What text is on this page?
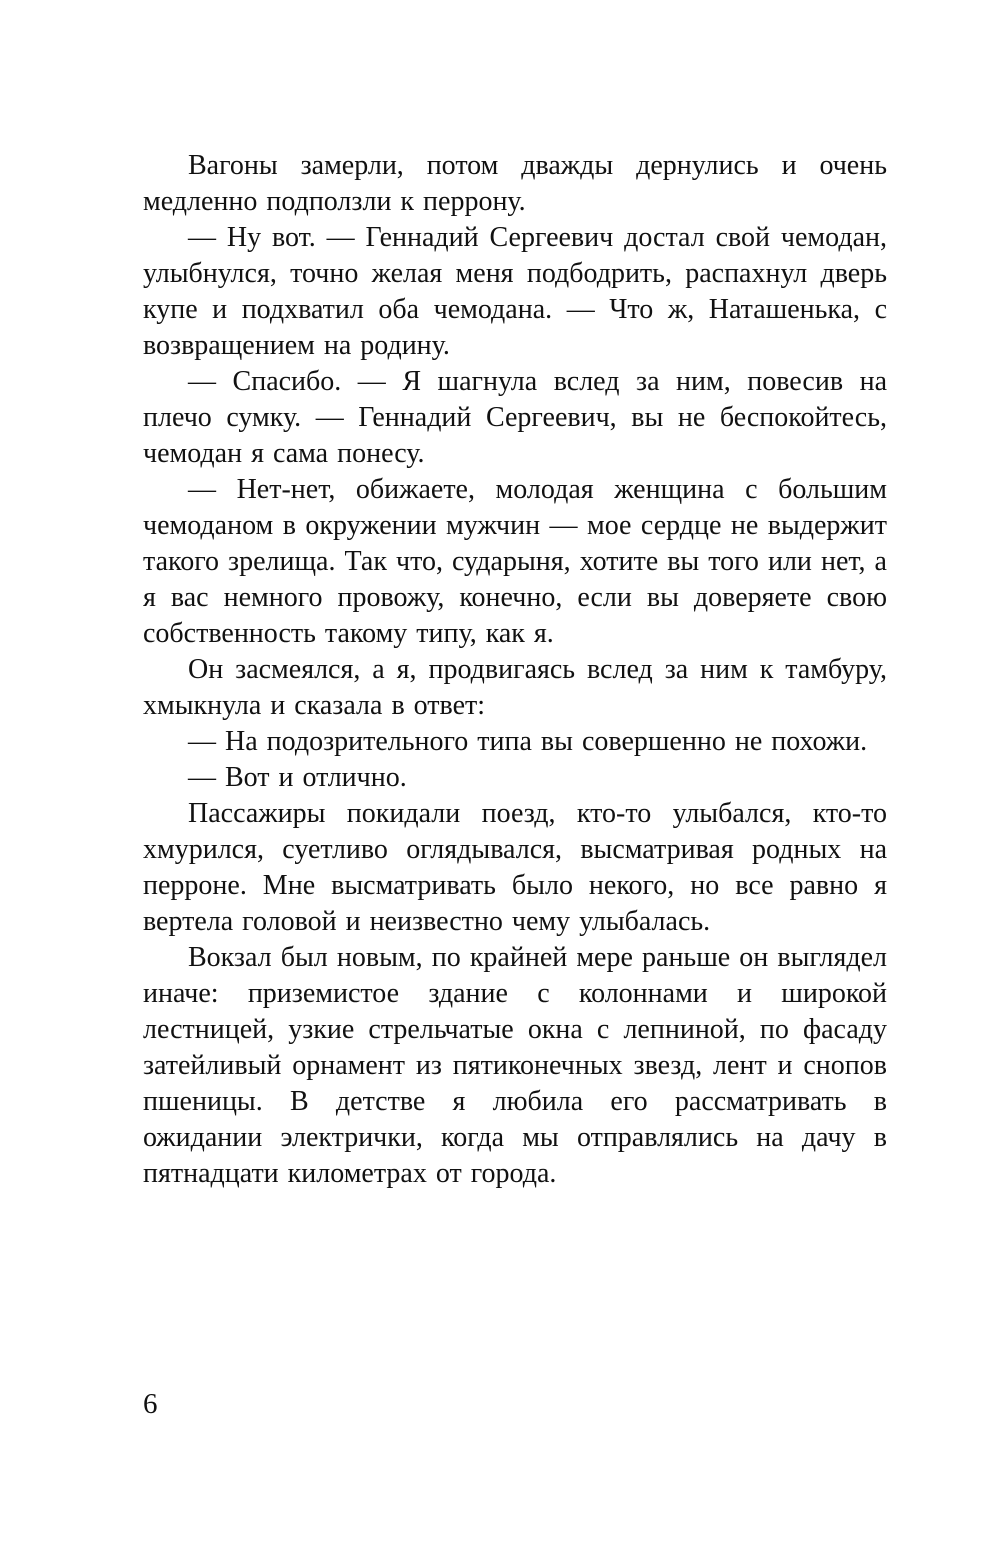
Вагоны замерли, потом дважды дернулись и очень медленно подползли к перрону.

— Ну вот. — Геннадий Сергеевич достал свой чемодан, улыбнулся, точно желая меня подбодрить, распахнул дверь купе и подхватил оба чемодана. — Что ж, Наташенька, с возвращением на родину.

— Спасибо. — Я шагнула вслед за ним, повесив на плечо сумку. — Геннадий Сергеевич, вы не беспокойтесь, чемодан я сама понесу.

— Нет-нет, обижаете, молодая женщина с большим чемоданом в окружении мужчин — мое сердце не выдержит такого зрелища. Так что, сударыня, хотите вы того или нет, а я вас немного провожу, конечно, если вы доверяете свою собственность такому типу, как я.

Он засмеялся, а я, продвигаясь вслед за ним к тамбуру, хмыкнула и сказала в ответ:

— На подозрительного типа вы совершенно не похожи.

— Вот и отлично.

Пассажиры покидали поезд, кто-то улыбался, кто-то хмурился, суетливо оглядывался, высматривая родных на перроне. Мне высматривать было некого, но все равно я вертела головой и неизвестно чему улыбалась.

Вокзал был новым, по крайней мере раньше он выглядел иначе: приземистое здание с колоннами и широкой лестницей, узкие стрельчатые окна с лепниной, по фасаду затейливый орнамент из пятиконечных звезд, лент и снопов пшеницы. В детстве я любила его рассматривать в ожидании электрички, когда мы отправлялись на дачу в пятнадцати километрах от города.

6
